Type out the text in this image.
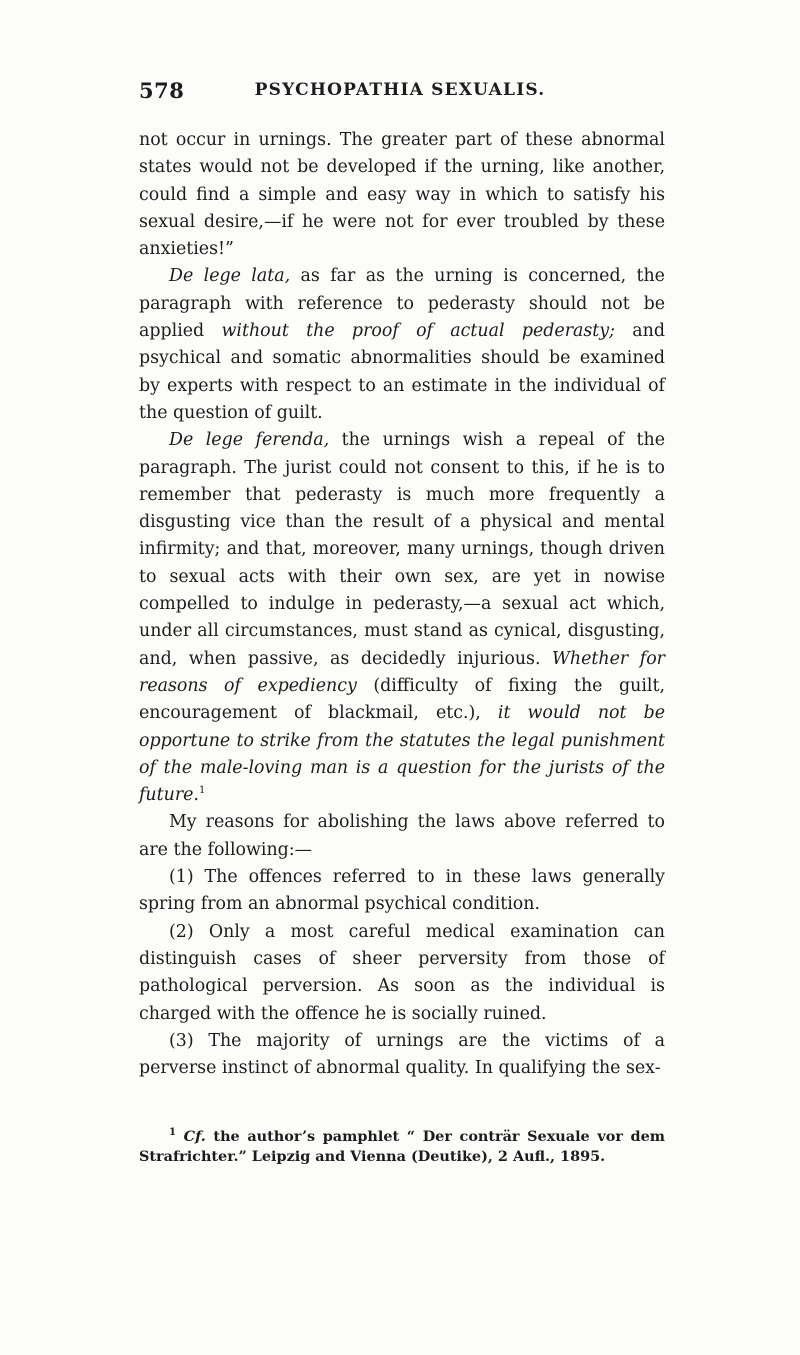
578	PSYCHOPATHIA SEXUALIS.

not occur in urnings. The greater part of these abnormal states would not be developed if the urning, like another, could find a simple and easy way in which to satisfy his sexual desire,—if he were not for ever troubled by these anxieties!”

De lege lata, as far as the urning is concerned, the paragraph with reference to pederasty should not be applied without the proof of actual pederasty; and psychical and somatic abnormalities should be examined by experts with respect to an estimate in the individual of the question of guilt.

De lege ferenda, the urnings wish a repeal of the paragraph. The jurist could not consent to this, if he is to remember that pederasty is much more frequently a disgusting vice than the result of a physical and mental infirmity; and that, moreover, many urnings, though driven to sexual acts with their own sex, are yet in nowise compelled to indulge in pederasty,—a sexual act which, under all circumstances, must stand as cynical, disgusting, and, when passive, as decidedly injurious. Whether for reasons of expediency (difficulty of fixing the guilt, encouragement of blackmail, etc.), it would not be opportune to strike from the statutes the legal punishment of the male-loving man is a question for the jurists of the future.$^1$

My reasons for abolishing the laws above referred to are the following:—

(1) The offences referred to in these laws generally spring from an abnormal psychical condition.

(2) Only a most careful medical examination can distinguish cases of sheer perversity from those of pathological perversion. As soon as the individual is charged with the offence he is socially ruined.

(3) The majority of urnings are the victims of a perverse instinct of abnormal quality. In qualifying the sex-

$^1$ Cf. the author’s pamphlet “ Der conträr Sexuale vor dem Strafrichter.” Leipzig and Vienna (Deutike), 2 Aufl., 1895.
